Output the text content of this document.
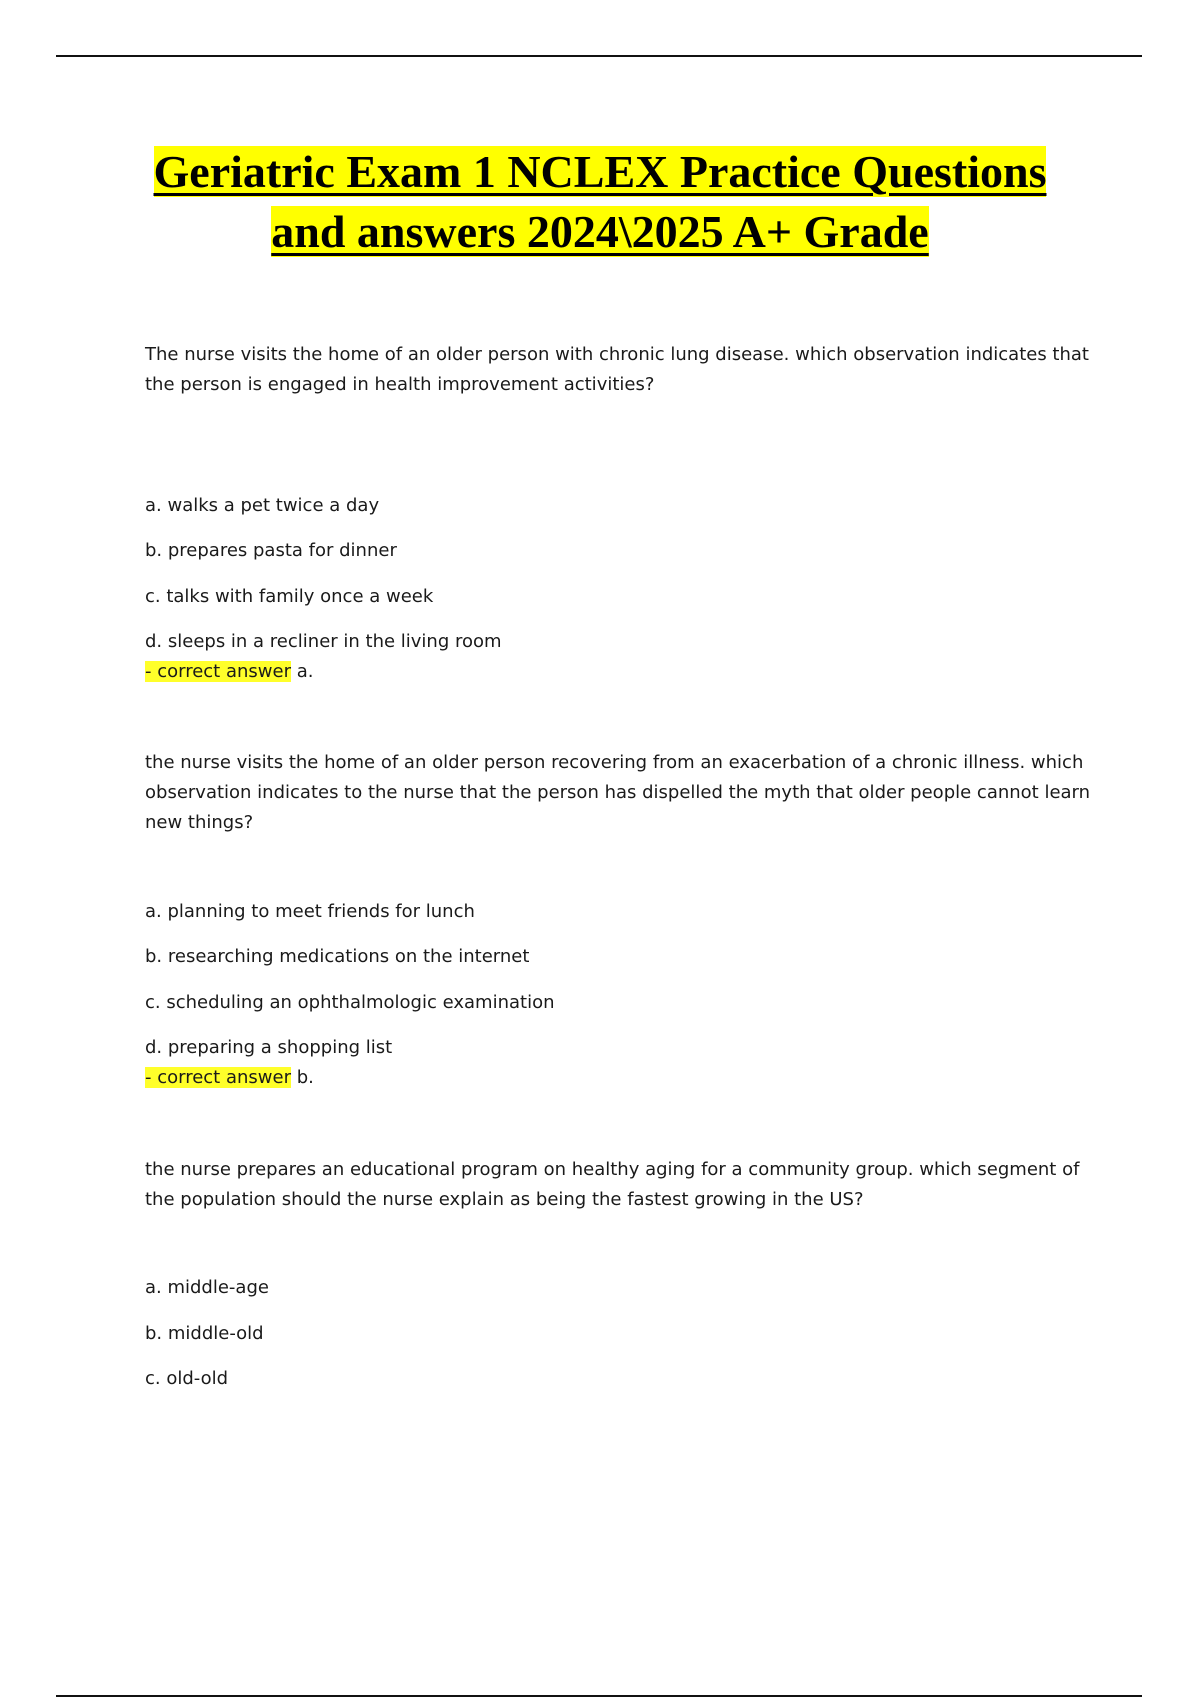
Geriatric Exam 1 NCLEX Practice Questions
and answers 2024\2025 A+ Grade
The nurse visits the home of an older person with chronic lung disease. which observation indicates that the person is engaged in health improvement activities?
a. walks a pet twice a day
b. prepares pasta for dinner
c. talks with family once a week
d. sleeps in a recliner in the living room
- correct answer a.
the nurse visits the home of an older person recovering from an exacerbation of a chronic illness. which observation indicates to the nurse that the person has dispelled the myth that older people cannot learn new things?
a. planning to meet friends for lunch
b. researching medications on the internet
c. scheduling an ophthalmologic examination
d. preparing a shopping list
- correct answer b.
the nurse prepares an educational program on healthy aging for a community group. which segment of the population should the nurse explain as being the fastest growing in the US?
a. middle-age
b. middle-old
c. old-old
